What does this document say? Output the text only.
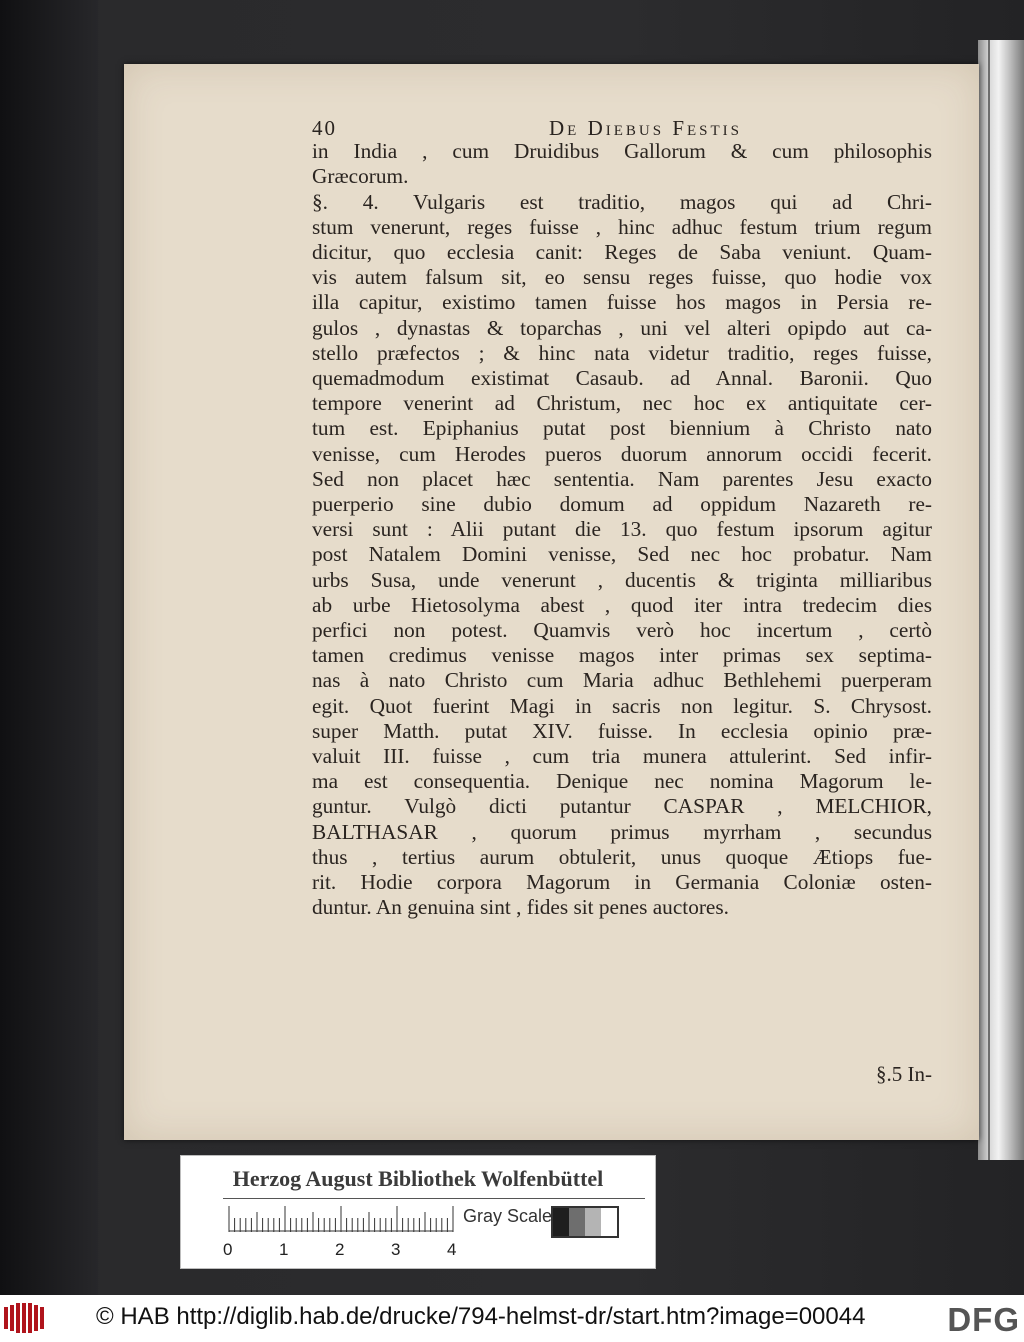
40	De Diebus Festis
in India , cum Druidibus Gallorum & cum philosophis
Græcorum.
§. 4. Vulgaris est traditio, magos qui ad Chri-
stum venerunt, reges fuisse , hinc adhuc festum trium regum
dicitur, quo ecclesia canit: Reges de Saba veniunt. Quam-
vis autem falsum sit, eo sensu reges fuisse, quo hodie vox
illa capitur, existimo tamen fuisse hos magos in Persia re-
gulos , dynastas & toparchas , uni vel alteri opipdo aut ca-
stello præfectos ; & hinc nata videtur traditio, reges fuisse,
quemadmodum existimat Casaub. ad Annal. Baronii. Quo
tempore venerint ad Christum, nec hoc ex antiquitate cer-
tum est. Epiphanius putat post biennium à Christo nato
venisse, cum Herodes pueros duorum annorum occidi fecerit.
Sed non placet hæc sententia. Nam parentes Jesu exacto
puerperio sine dubio domum ad oppidum Nazareth re-
versi sunt : Alii putant die 13. quo festum ipsorum agitur
post Natalem Domini venisse, Sed nec hoc probatur. Nam
urbs Susa, unde venerunt , ducentis & triginta milliaribus
ab urbe Hietosolyma abest , quod iter intra tredecim dies
perfici non potest. Quamvis verò hoc incertum , certò
tamen credimus venisse magos inter primas sex septima-
nas à nato Christo cum Maria adhuc Bethlehemi puerperam
egit. Quot fuerint Magi in sacris non legitur. S. Chrysost.
super Matth. putat XIV. fuisse. In ecclesia opinio præ-
valuit III. fuisse , cum tria munera attulerint. Sed infir-
ma est consequentia. Denique nec nomina Magorum le-
guntur. Vulgò dicti putantur CASPAR , MELCHIOR,
BALTHASAR , quorum primus myrrham , secundus
thus , tertius aurum obtulerit, unus quoque Ætiops fue-
rit. Hodie corpora Magorum in Germania Coloniæ osten-
duntur. An genuina sint , fides sit penes auctores.
§.5 In-
Herzog August Bibliothek Wolfenbüttel
0	1	2	3	4
Gray Scale
© HAB http://diglib.hab.de/drucke/794-helmst-dr/start.htm?image=00044 DFG
